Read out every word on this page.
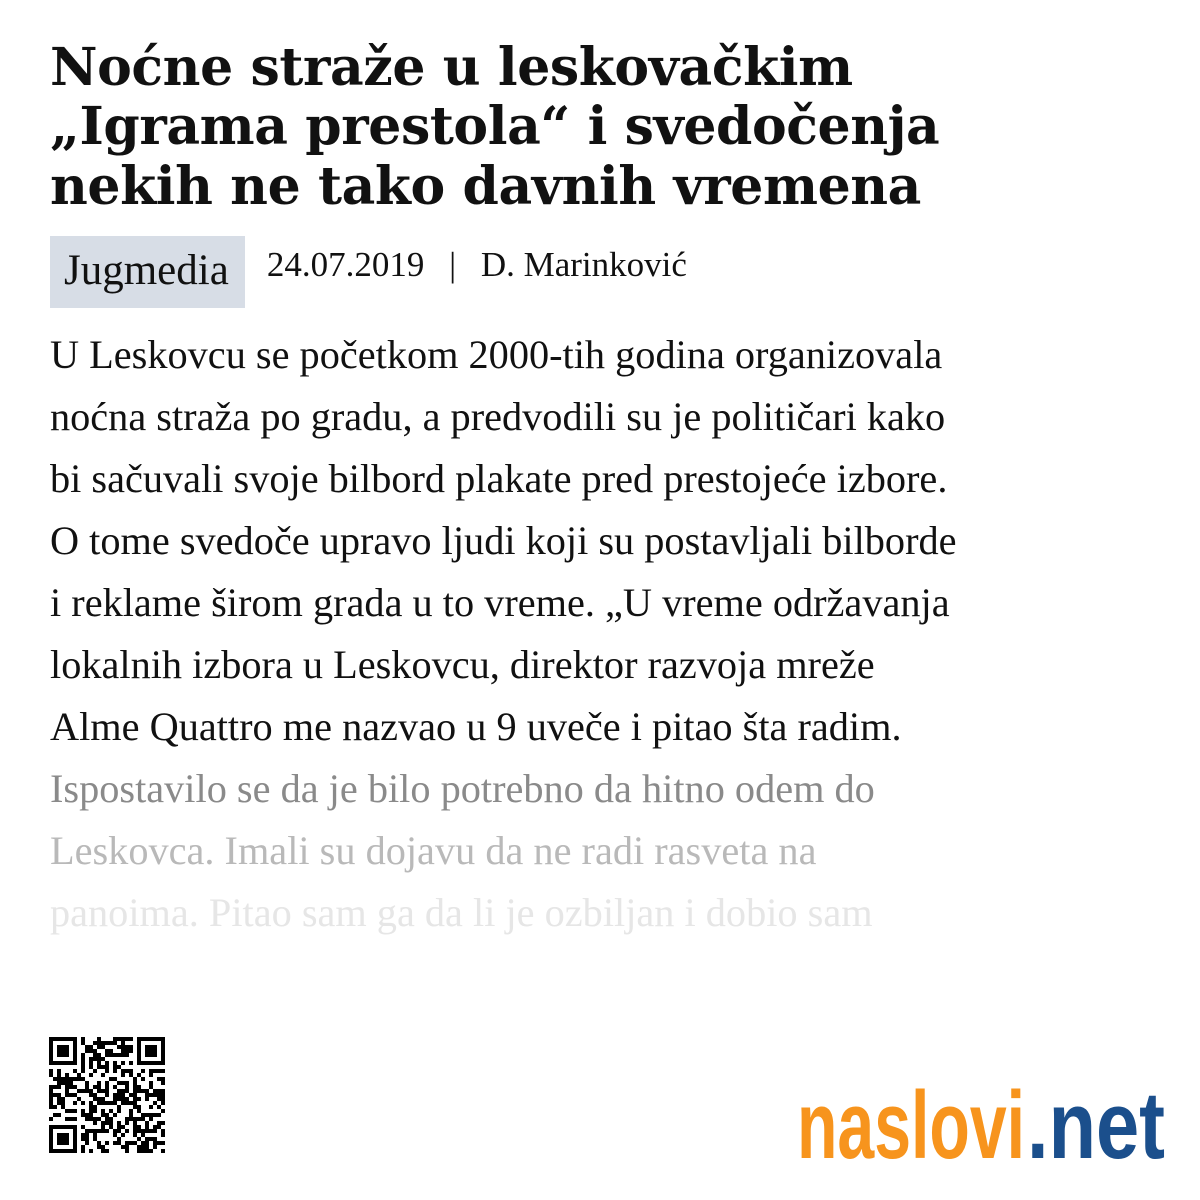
Noćne straže u leskovačkim
„Igrama prestola“ i svedočenja
nekih ne tako davnih vremena
Jugmedia	24.07.2019 | D. Marinković
U Leskovcu se početkom 2000-tih godina organizovala
noćna straža po gradu, a predvodili su je političari kako
bi sačuvali svoje bilbord plakate pred prestojeće izbore.
O tome svedoče upravo ljudi koji su postavljali bilborde
i reklame širom grada u to vreme. „U vreme održavanja
lokalnih izbora u Leskovcu, direktor razvoja mreže
Alme Quattro me nazvao u 9 uveče i pitao šta radim.
Ispostavilo se da je bilo potrebno da hitno odem do
Leskovca. Imali su dojavu da ne radi rasveta na
panoima. Pitao sam ga da li je ozbiljan i dobio sam
naslovi .net
